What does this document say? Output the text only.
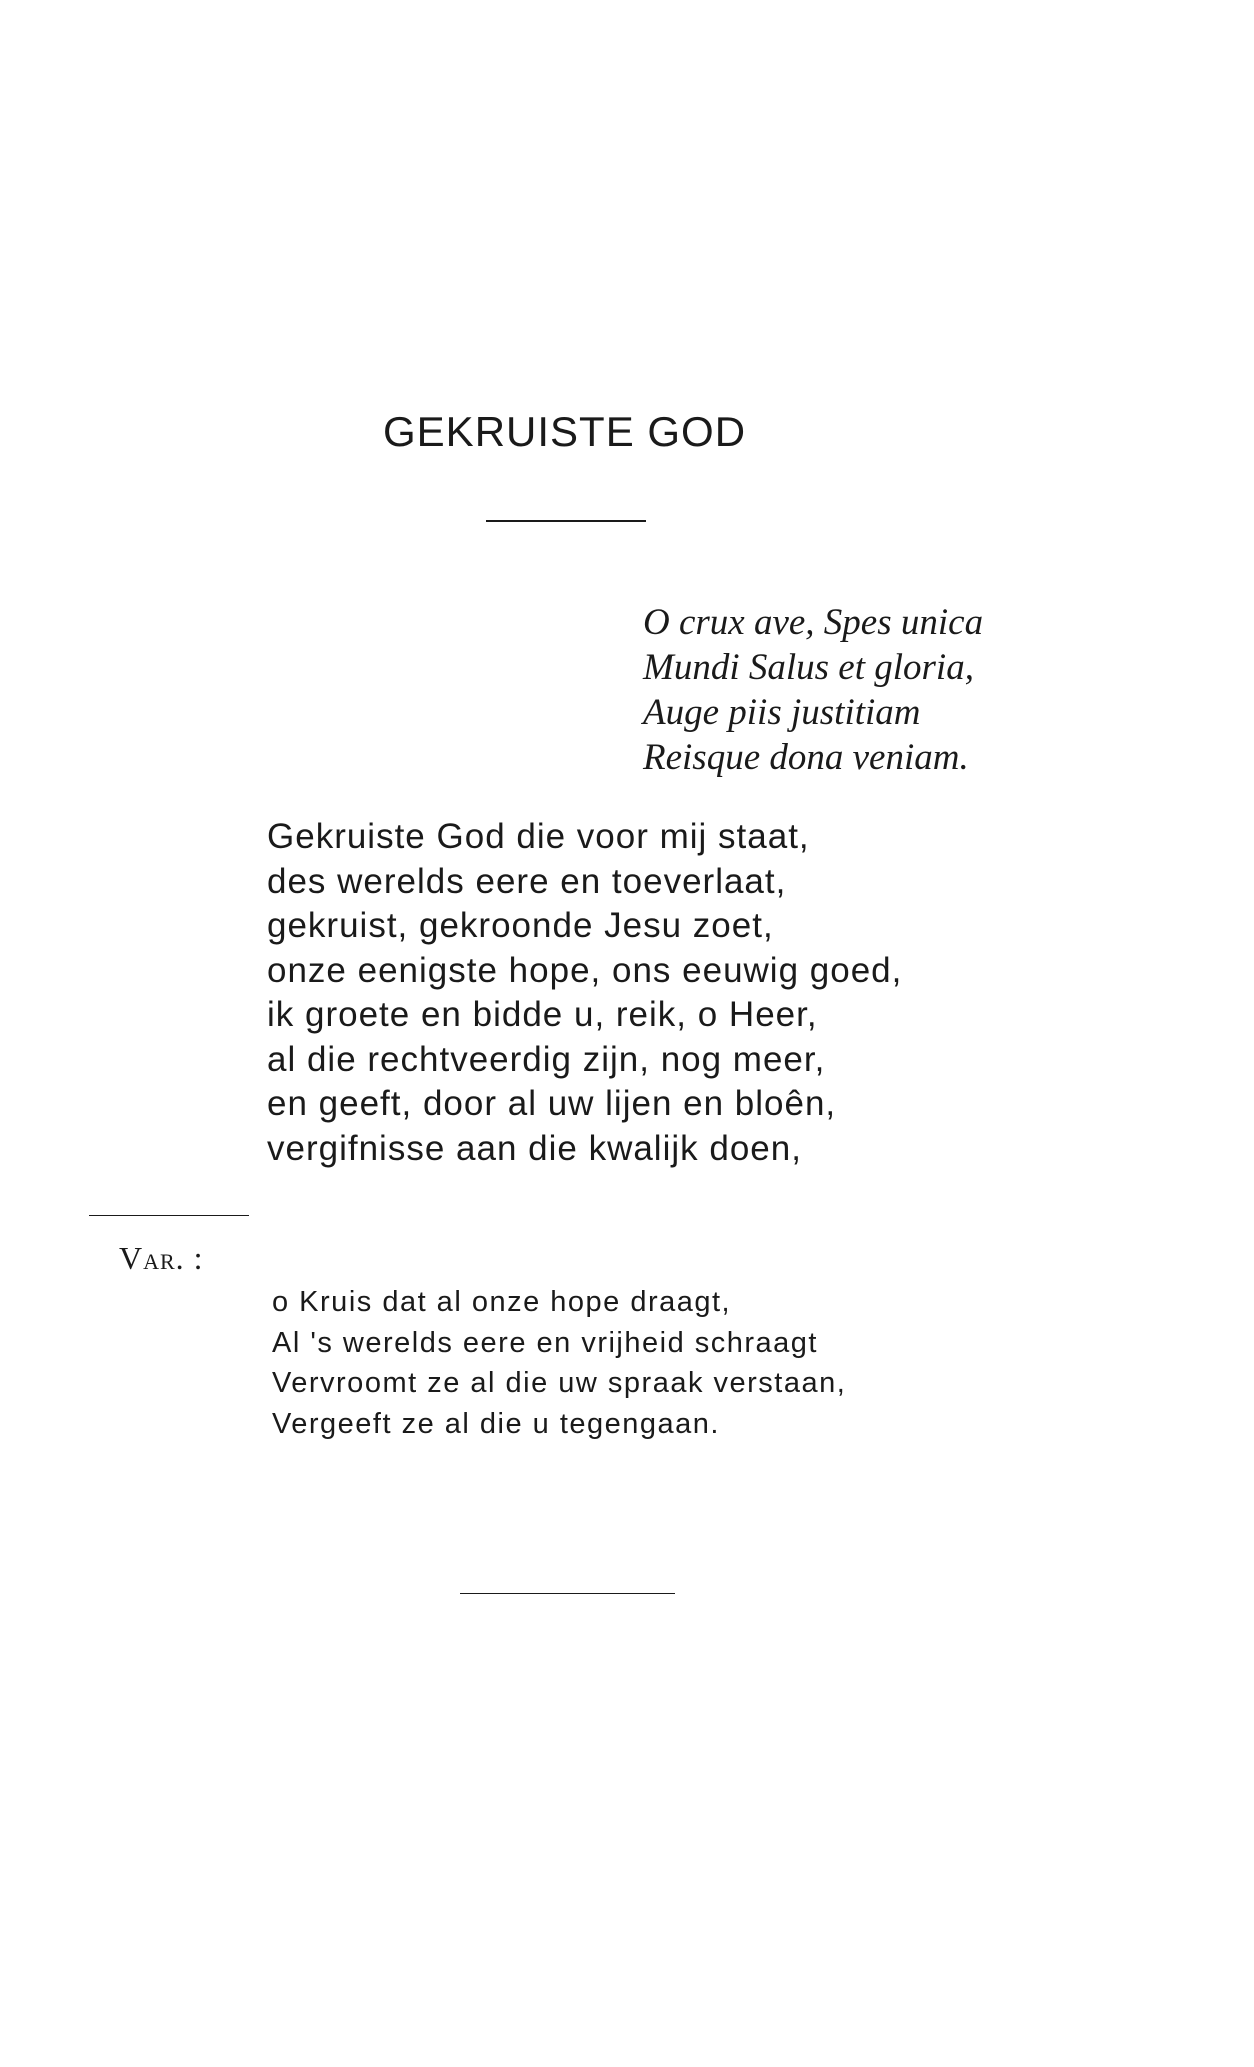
GEKRUISTE GOD
O crux ave, Spes unica
Mundi Salus et gloria,
Auge piis justitiam
Reisque dona veniam.
Gekruiste God die voor mij staat,
des werelds eere en toeverlaat,
gekruist, gekroonde Jesu zoet,
onze eenigste hope, ons eeuwig goed,
ik groete en bidde u, reik, o Heer,
al die rechtveerdig zijn, nog meer,
en geeft, door al uw lijen en bloên,
vergifnisse aan die kwalijk doen,
Var. :
o Kruis dat al onze hope draagt,
Al 's werelds eere en vrijheid schraagt
Vervroomt ze al die uw spraak verstaan,
Vergeeft ze al die u tegengaan.
